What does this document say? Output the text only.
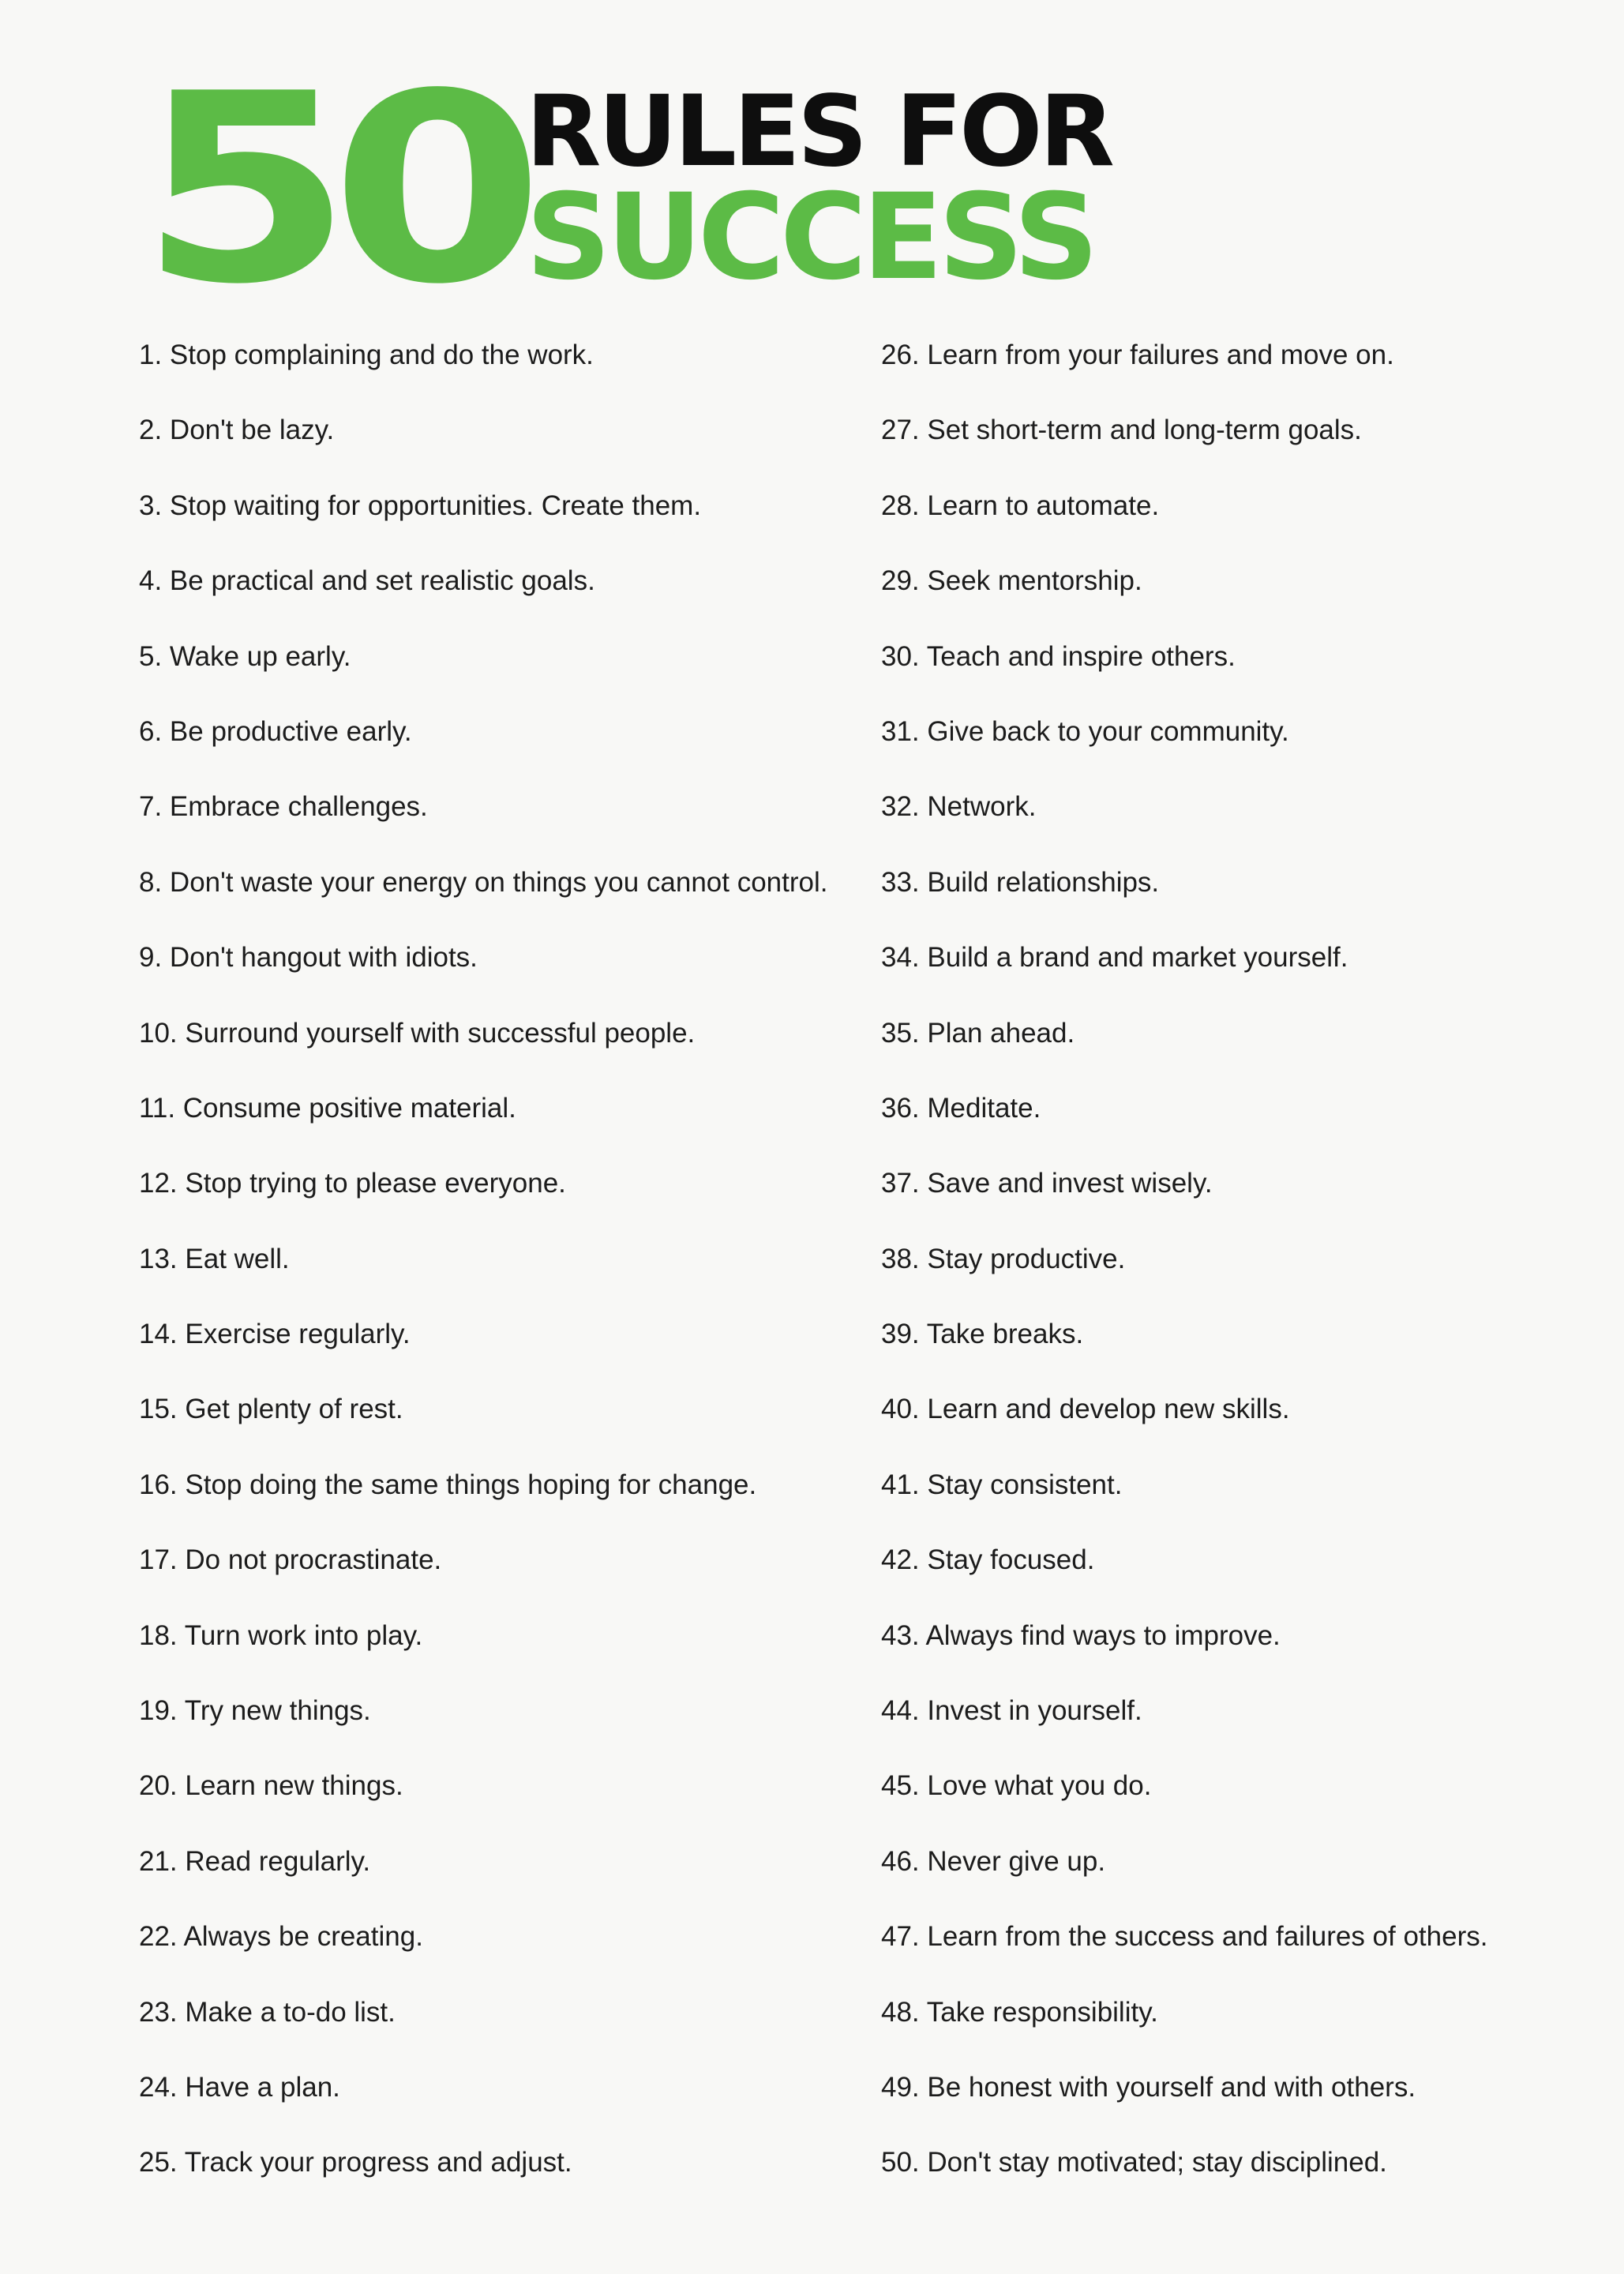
50 RULES FOR
SUCCESS
1. Stop complaining and do the work.
2. Don't be lazy.
3. Stop waiting for opportunities. Create them.
4. Be practical and set realistic goals.
5. Wake up early.
6. Be productive early.
7. Embrace challenges.
8. Don't waste your energy on things you cannot control.
9. Don't hangout with idiots.
10. Surround yourself with successful people.
11. Consume positive material.
12. Stop trying to please everyone.
13. Eat well.
14. Exercise regularly.
15. Get plenty of rest.
16. Stop doing the same things hoping for change.
17. Do not procrastinate.
18. Turn work into play.
19. Try new things.
20. Learn new things.
21. Read regularly.
22. Always be creating.
23. Make a to-do list.
24. Have a plan.
25. Track your progress and adjust.
26. Learn from your failures and move on.
27. Set short-term and long-term goals.
28. Learn to automate.
29. Seek mentorship.
30. Teach and inspire others.
31. Give back to your community.
32. Network.
33. Build relationships.
34. Build a brand and market yourself.
35. Plan ahead.
36. Meditate.
37. Save and invest wisely.
38. Stay productive.
39. Take breaks.
40. Learn and develop new skills.
41. Stay consistent.
42. Stay focused.
43. Always find ways to improve.
44. Invest in yourself.
45. Love what you do.
46. Never give up.
47. Learn from the success and failures of others.
48. Take responsibility.
49. Be honest with yourself and with others.
50. Don't stay motivated; stay disciplined.
